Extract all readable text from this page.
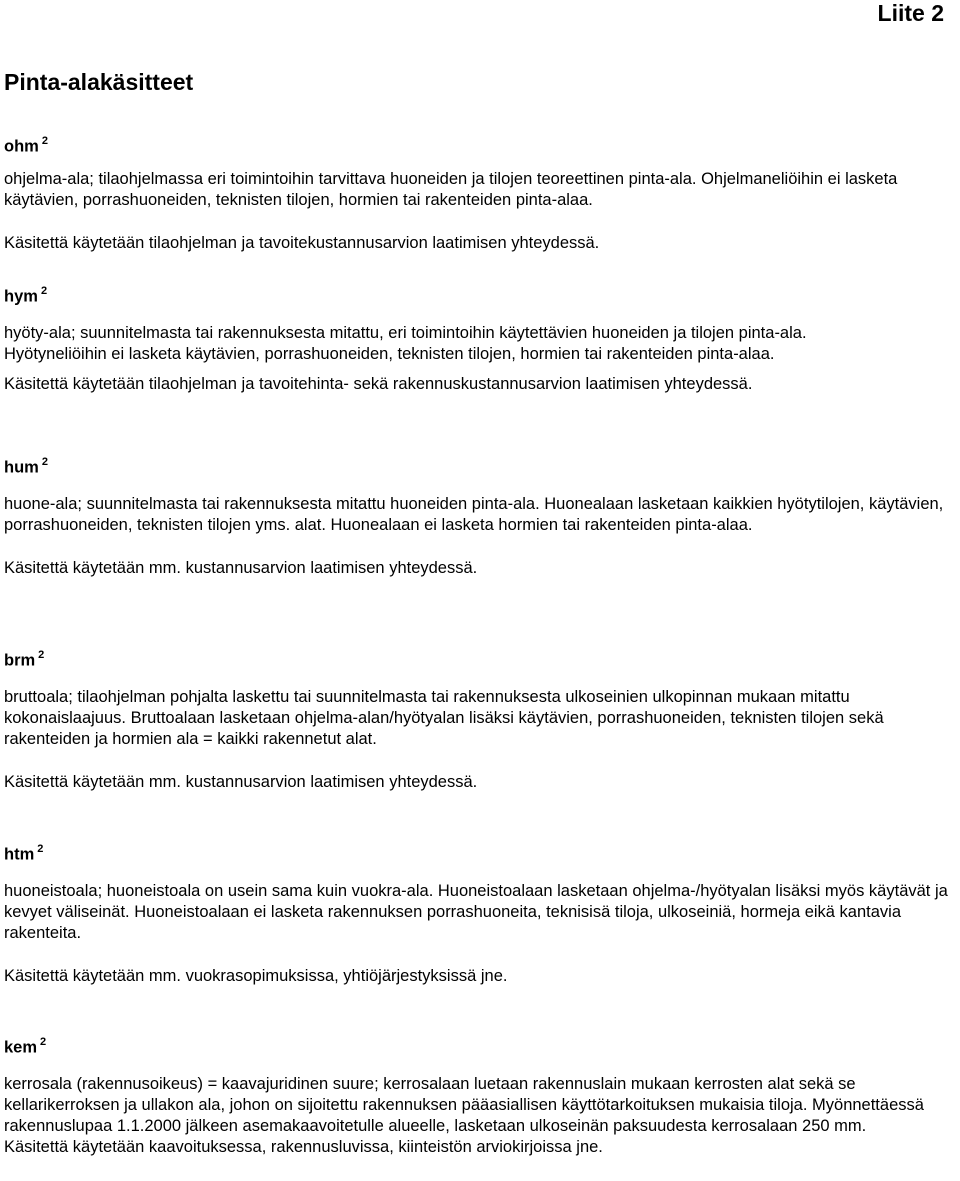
Liite 2
Pinta-alakäsitteet

ohm $^2$

ohjelma-ala; tilaohjelmassa eri toimintoihin tarvittava huoneiden ja tilojen teoreettinen pinta-ala. Ohjelmaneliöihin ei lasketa käytävien, porrashuoneiden, teknisten tilojen, hormien tai rakenteiden pinta-alaa.

Käsitettä käytetään tilaohjelman ja tavoitekustannusarvion laatimisen yhteydessä.

hym $^2$

hyöty-ala; suunnitelmasta tai rakennuksesta mitattu, eri toimintoihin käytettävien huoneiden ja tilojen pinta-ala.

Hyötyneliöihin ei lasketa käytävien, porrashuoneiden, teknisten tilojen, hormien tai rakenteiden pinta-alaa.

Käsitettä käytetään tilaohjelman ja tavoitehinta- sekä rakennuskustannusarvion laatimisen yhteydessä.

hum $^2$

huone-ala; suunnitelmasta tai rakennuksesta mitattu huoneiden pinta-ala. Huonealaan lasketaan kaikkien hyötytilojen, käytävien, porrashuoneiden, teknisten tilojen yms. alat. Huonealaan ei lasketa hormien tai rakenteiden pinta-alaa.

Käsitettä käytetään mm. kustannusarvion laatimisen yhteydessä.

brm $^2$

bruttoala; tilaohjelman pohjalta laskettu tai suunnitelmasta tai rakennuksesta ulkoseinien ulkopinnan mukaan mitattu kokonaislaajuus. Bruttoalaan lasketaan ohjelma-alan/hyötyalan lisäksi käytävien, porrashuoneiden, teknisten tilojen sekä rakenteiden ja hormien ala = kaikki rakennetut alat.

Käsitettä käytetään mm. kustannusarvion laatimisen yhteydessä.

htm $^2$

huoneistoala; huoneistoala on usein sama kuin vuokra-ala. Huoneistoalaan lasketaan ohjelma-/hyötyalan lisäksi myös käytävät ja kevyet väliseinät. Huoneistoalaan ei lasketa rakennuksen porrashuoneita, teknisisä tiloja, ulkoseiniä, hormeja eikä kantavia rakenteita.

Käsitettä käytetään mm. vuokrasopimuksissa, yhtiöjärjestyksissä jne.

kem $^2$

kerrosala (rakennusoikeus) = kaavajuridinen suure; kerrosalaan luetaan rakennuslain mukaan kerrosten alat sekä se kellarikerroksen ja ullakon ala, johon on sijoitettu rakennuksen pääasiallisen käyttötarkoituksen mukaisia tiloja. Myönnettäessä rakennuslupaa 1.1.2000 jälkeen asemakaavoitetulle alueelle, lasketaan ulkoseinän paksuudesta kerrosalaan 250 mm.

Käsitettä käytetään kaavoituksessa, rakennusluvissa, kiinteistön arviokirjoissa jne.
